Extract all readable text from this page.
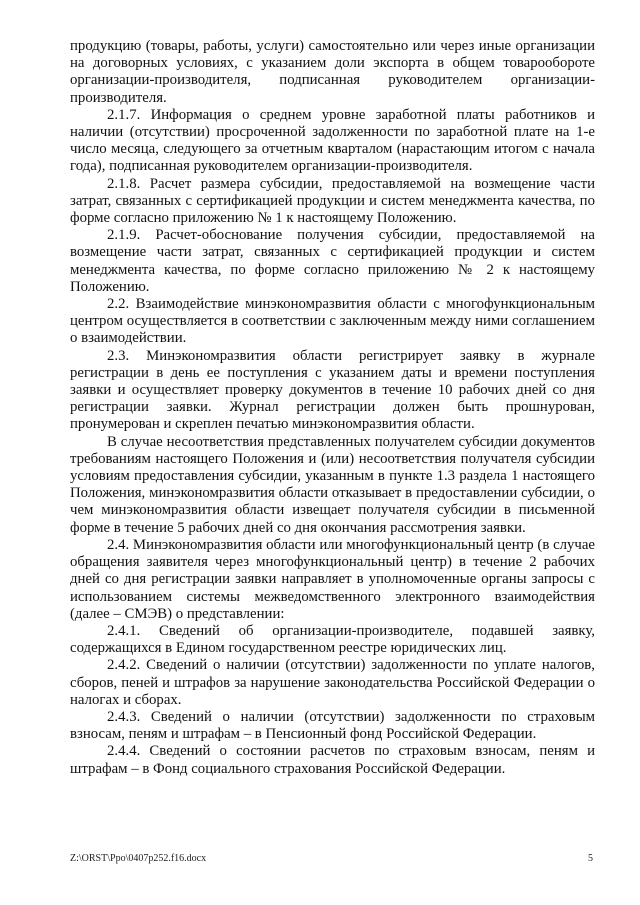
продукцию (товары, работы, услуги) самостоятельно или через иные организации на договорных условиях, с указанием доли экспорта в общем товарообороте организации-производителя, подписанная руководителем организации-производителя.

2.1.7. Информация о среднем уровне заработной платы работников и наличии (отсутствии) просроченной задолженности по заработной плате на 1-е число месяца, следующего за отчетным кварталом (нарастающим итогом с начала года), подписанная руководителем организации-производителя.

2.1.8. Расчет размера субсидии, предоставляемой на возмещение части затрат, связанных с сертификацией продукции и систем менеджмента качества, по форме согласно приложению № 1 к настоящему Положению.

2.1.9. Расчет-обоснование получения субсидии, предоставляемой на возмещение части затрат, связанных с сертификацией продукции и систем менеджмента качества, по форме согласно приложению № 2 к настоящему Положению.

2.2. Взаимодействие минэкономразвития области с многофункциональным центром осуществляется в соответствии с заключенным между ними соглашением о взаимодействии.

2.3. Минэкономразвития области регистрирует заявку в журнале регистрации в день ее поступления с указанием даты и времени поступления заявки и осуществляет проверку документов в течение 10 рабочих дней со дня регистрации заявки. Журнал регистрации должен быть прошнурован, пронумерован и скреплен печатью минэкономразвития области.

В случае несоответствия представленных получателем субсидии документов требованиям настоящего Положения и (или) несоответствия получателя субсидии условиям предоставления субсидии, указанным в пункте 1.3 раздела 1 настоящего Положения, минэкономразвития области отказывает в предоставлении субсидии, о чем минэкономразвития области извещает получателя субсидии в письменной форме в течение 5 рабочих дней со дня окончания рассмотрения заявки.

2.4. Минэкономразвития области или многофункциональный центр (в случае обращения заявителя через многофункциональный центр) в течение 2 рабочих дней со дня регистрации заявки направляет в уполномоченные органы запросы с использованием системы межведомственного электронного взаимодействия (далее – СМЭВ) о представлении:

2.4.1. Сведений об организации-производителе, подавшей заявку, содержащихся в Едином государственном реестре юридических лиц.

2.4.2. Сведений о наличии (отсутствии) задолженности по уплате налогов, сборов, пеней и штрафов за нарушение законодательства Российской Федерации о налогах и сборах.

2.4.3. Сведений о наличии (отсутствии) задолженности по страховым взносам, пеням и штрафам – в Пенсионный фонд Российской Федерации.

2.4.4. Сведений о состоянии расчетов по страховым взносам, пеням и штрафам – в Фонд социального страхования Российской Федерации.

Z:\ORST\Ppo\0407p252.f16.docx	5
